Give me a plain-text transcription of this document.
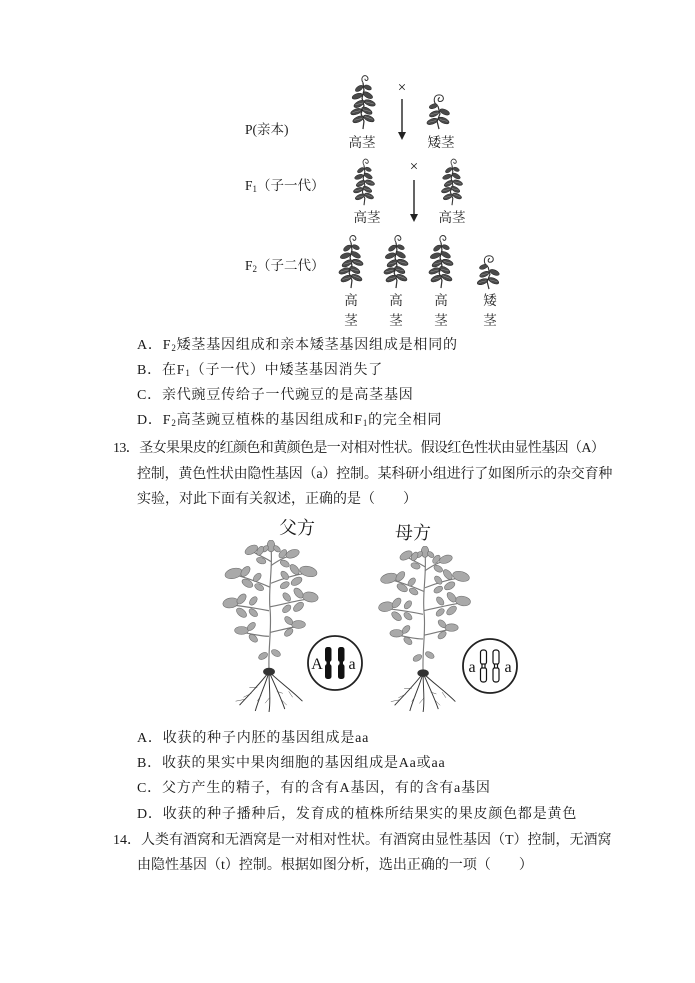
A a	a a
×
P(亲本)
高茎	矮茎
×
$F_1$（子一代）
高茎	高茎
$F_2$（子二代）
高茎
高茎
高茎
矮茎
A．$F_2$矮茎基因组成和亲本矮茎基因组成是相同的
B．在$F_1$（子一代）中矮茎基因消失了
C．亲代豌豆传给子一代豌豆的是高茎基因
D．$F_2$高茎豌豆植株的基因组成和$F_1$的完全相同
13．圣女果果皮的红颜色和黄颜色是一对相对性状。假设红色性状由显性基因（A）
控制，黄色性状由隐性基因（a）控制。某科研小组进行了如图所示的杂交育种
实验，对此下面有关叙述，正确的是（　　）
父方	母方
A．收获的种子内胚的基因组成是aa
B．收获的果实中果肉细胞的基因组成是Aa或aa
C．父方产生的精子，有的含有A基因，有的含有a基因
D．收获的种子播种后，发育成的植株所结果实的果皮颜色都是黄色
14．人类有酒窝和无酒窝是一对相对性状。有酒窝由显性基因（T）控制，无酒窝
由隐性基因（t）控制。根据如图分析，选出正确的一项（　　）
